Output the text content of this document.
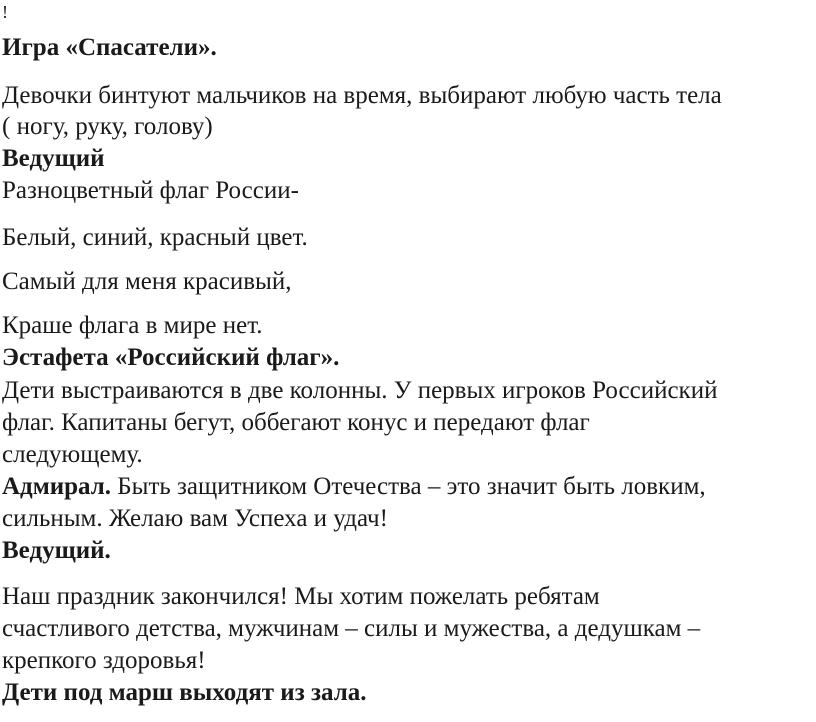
!
Игра «Спасатели».
Девочки бинтуют мальчиков на время, выбирают любую часть тела
( ногу, руку, голову)
Ведущий
Разноцветный флаг России-
Белый, синий, красный цвет.
Самый для меня красивый,
Краше флага в мире нет.
Эстафета «Российский флаг».
Дети выстраиваются в две колонны. У первых игроков Российский
флаг. Капитаны бегут, оббегают конус и передают флаг
следующему.
Адмирал. Быть защитником Отечества – это значит быть ловким,
сильным. Желаю вам Успеха и удач!
Ведущий.
Наш праздник закончился! Мы хотим пожелать ребятам
счастливого детства, мужчинам – силы и мужества, а дедушкам –
крепкого здоровья!
Дети под марш выходят из зала.
